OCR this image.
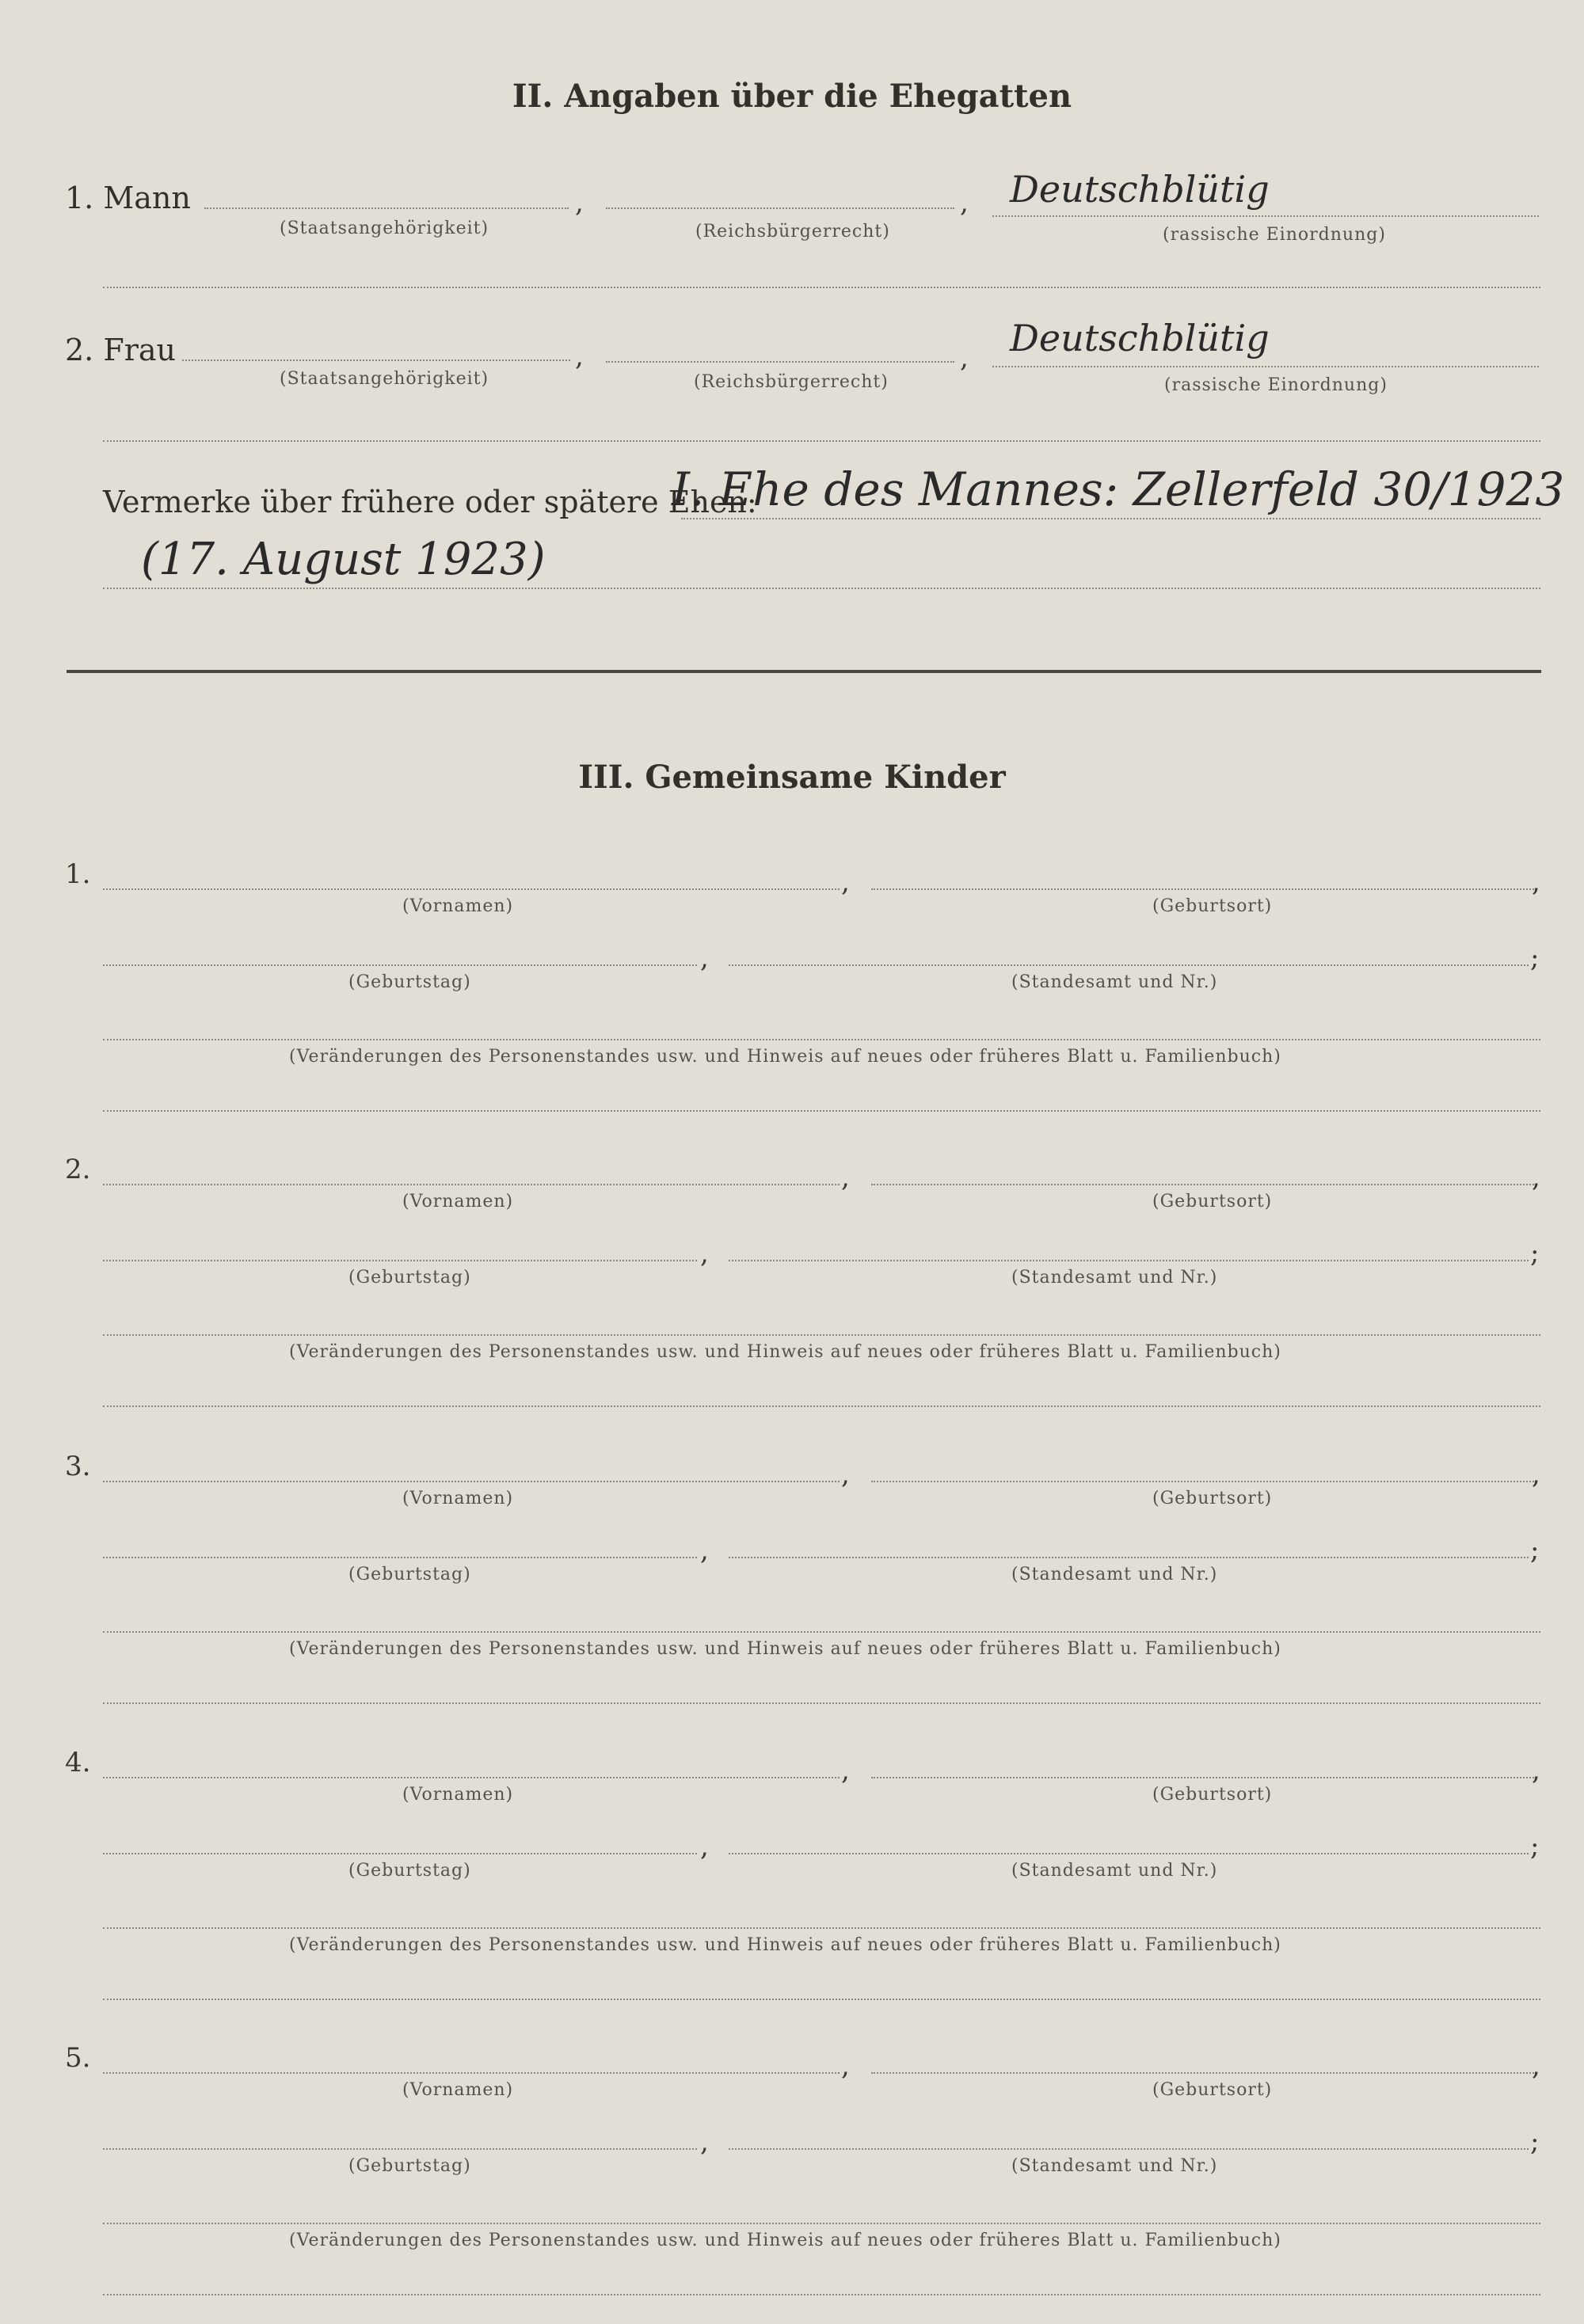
II. Angaben über die Ehegatten
1. Mann	,	, Deutschblütig
(Staatsangehörigkeit)	(Reichsbürgerrecht)	(rassische Einordnung)
2. Frau	,	, Deutschblütig
(Staatsangehörigkeit)	(Reichsbürgerrecht)	(rassische Einordnung)
Vermerke über frühere oder spätere Ehen:
I. Ehe des Mannes: Zellerfeld 30/1923
(17. August 1923)
III. Gemeinsame Kinder
1.	,	,
(Vornamen)	(Geburtsort)
,	;
(Geburtstag)	(Standesamt und Nr.)
(Veränderungen des Personenstandes usw. und Hinweis auf neues oder früheres Blatt u. Familienbuch)
2.	,	,
(Vornamen)	(Geburtsort)
,	;
(Geburtstag)	(Standesamt und Nr.)
(Veränderungen des Personenstandes usw. und Hinweis auf neues oder früheres Blatt u. Familienbuch)
3.	,	,
(Vornamen)	(Geburtsort)
,	;
(Geburtstag)	(Standesamt und Nr.)
(Veränderungen des Personenstandes usw. und Hinweis auf neues oder früheres Blatt u. Familienbuch)
4.	,	,
(Vornamen)	(Geburtsort)
,	;
(Geburtstag)	(Standesamt und Nr.)
(Veränderungen des Personenstandes usw. und Hinweis auf neues oder früheres Blatt u. Familienbuch)
5.	,	,
(Vornamen)	(Geburtsort)
,	;
(Geburtstag)	(Standesamt und Nr.)
(Veränderungen des Personenstandes usw. und Hinweis auf neues oder früheres Blatt u. Familienbuch)
